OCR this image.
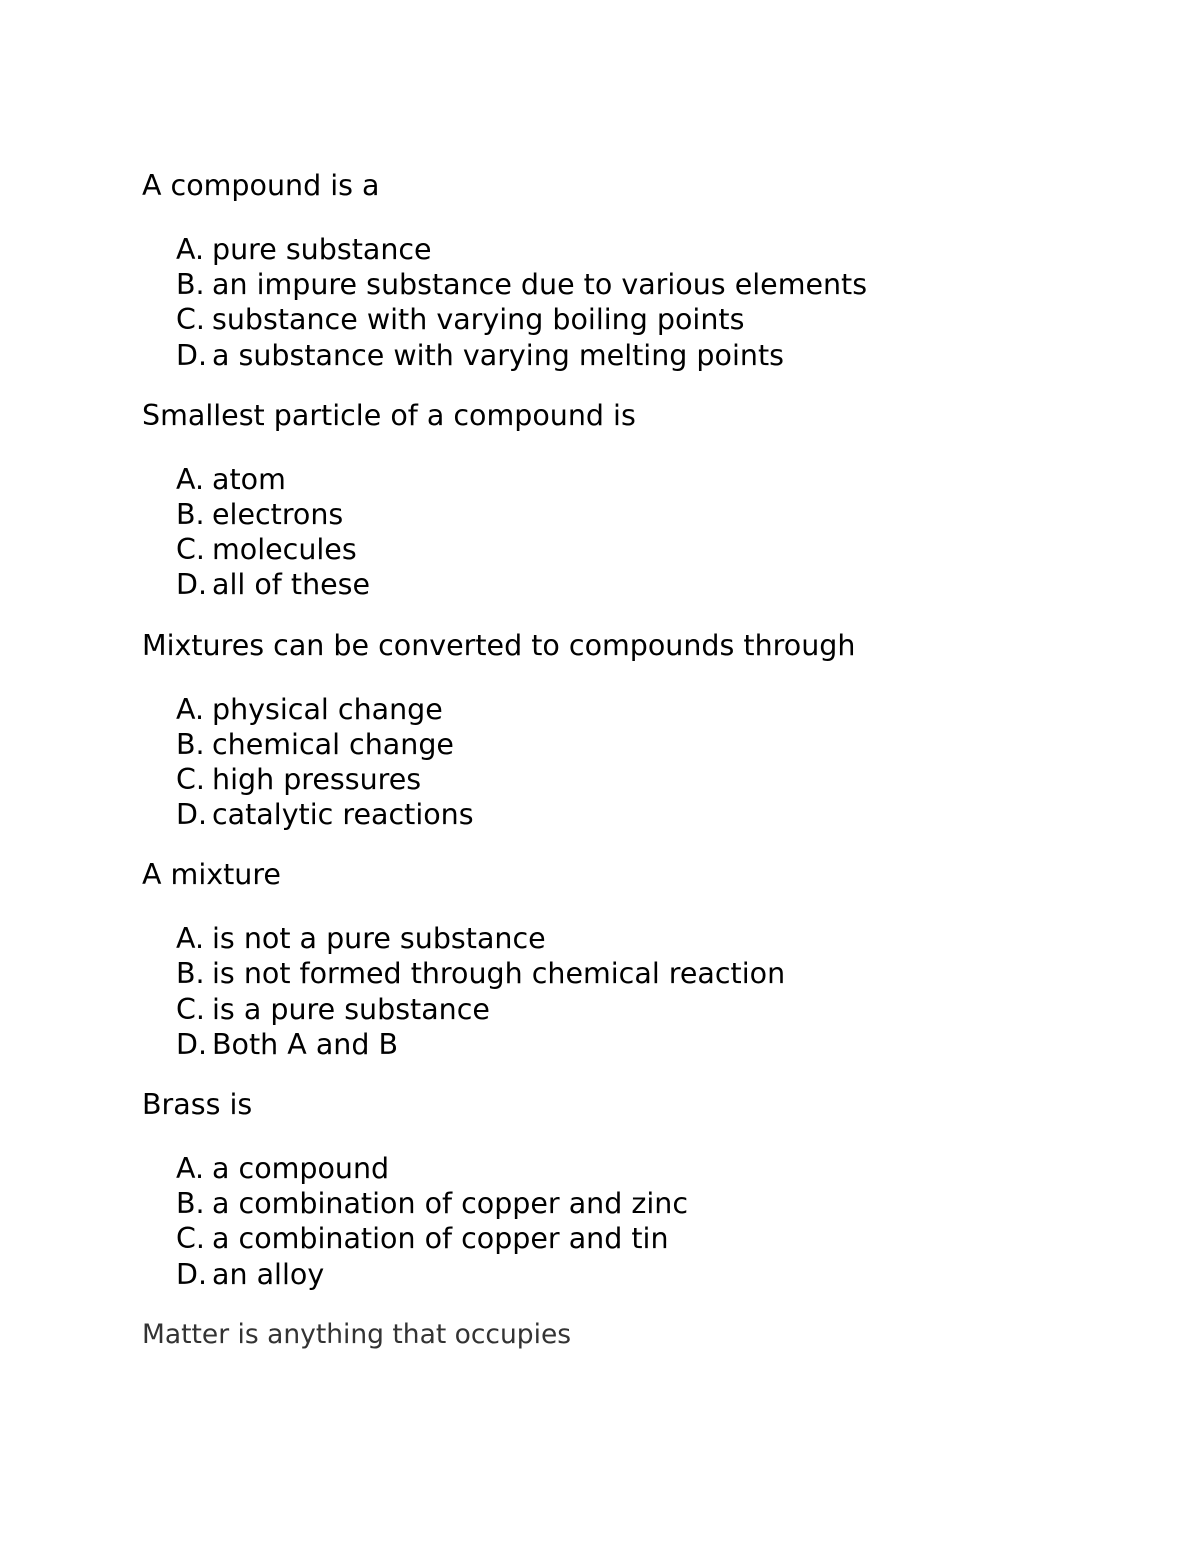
A compound is a

A. pure substance
B. an impure substance due to various elements
C. substance with varying boiling points
D. a substance with varying melting points

Smallest particle of a compound is

A. atom
B. electrons
C. molecules
D. all of these

Mixtures can be converted to compounds through

A. physical change
B. chemical change
C. high pressures
D. catalytic reactions

A mixture

A. is not a pure substance
B. is not formed through chemical reaction
C. is a pure substance
D. Both A and B

Brass is

A. a compound
B. a combination of copper and zinc
C. a combination of copper and tin
D. an alloy

Matter is anything that occupies
